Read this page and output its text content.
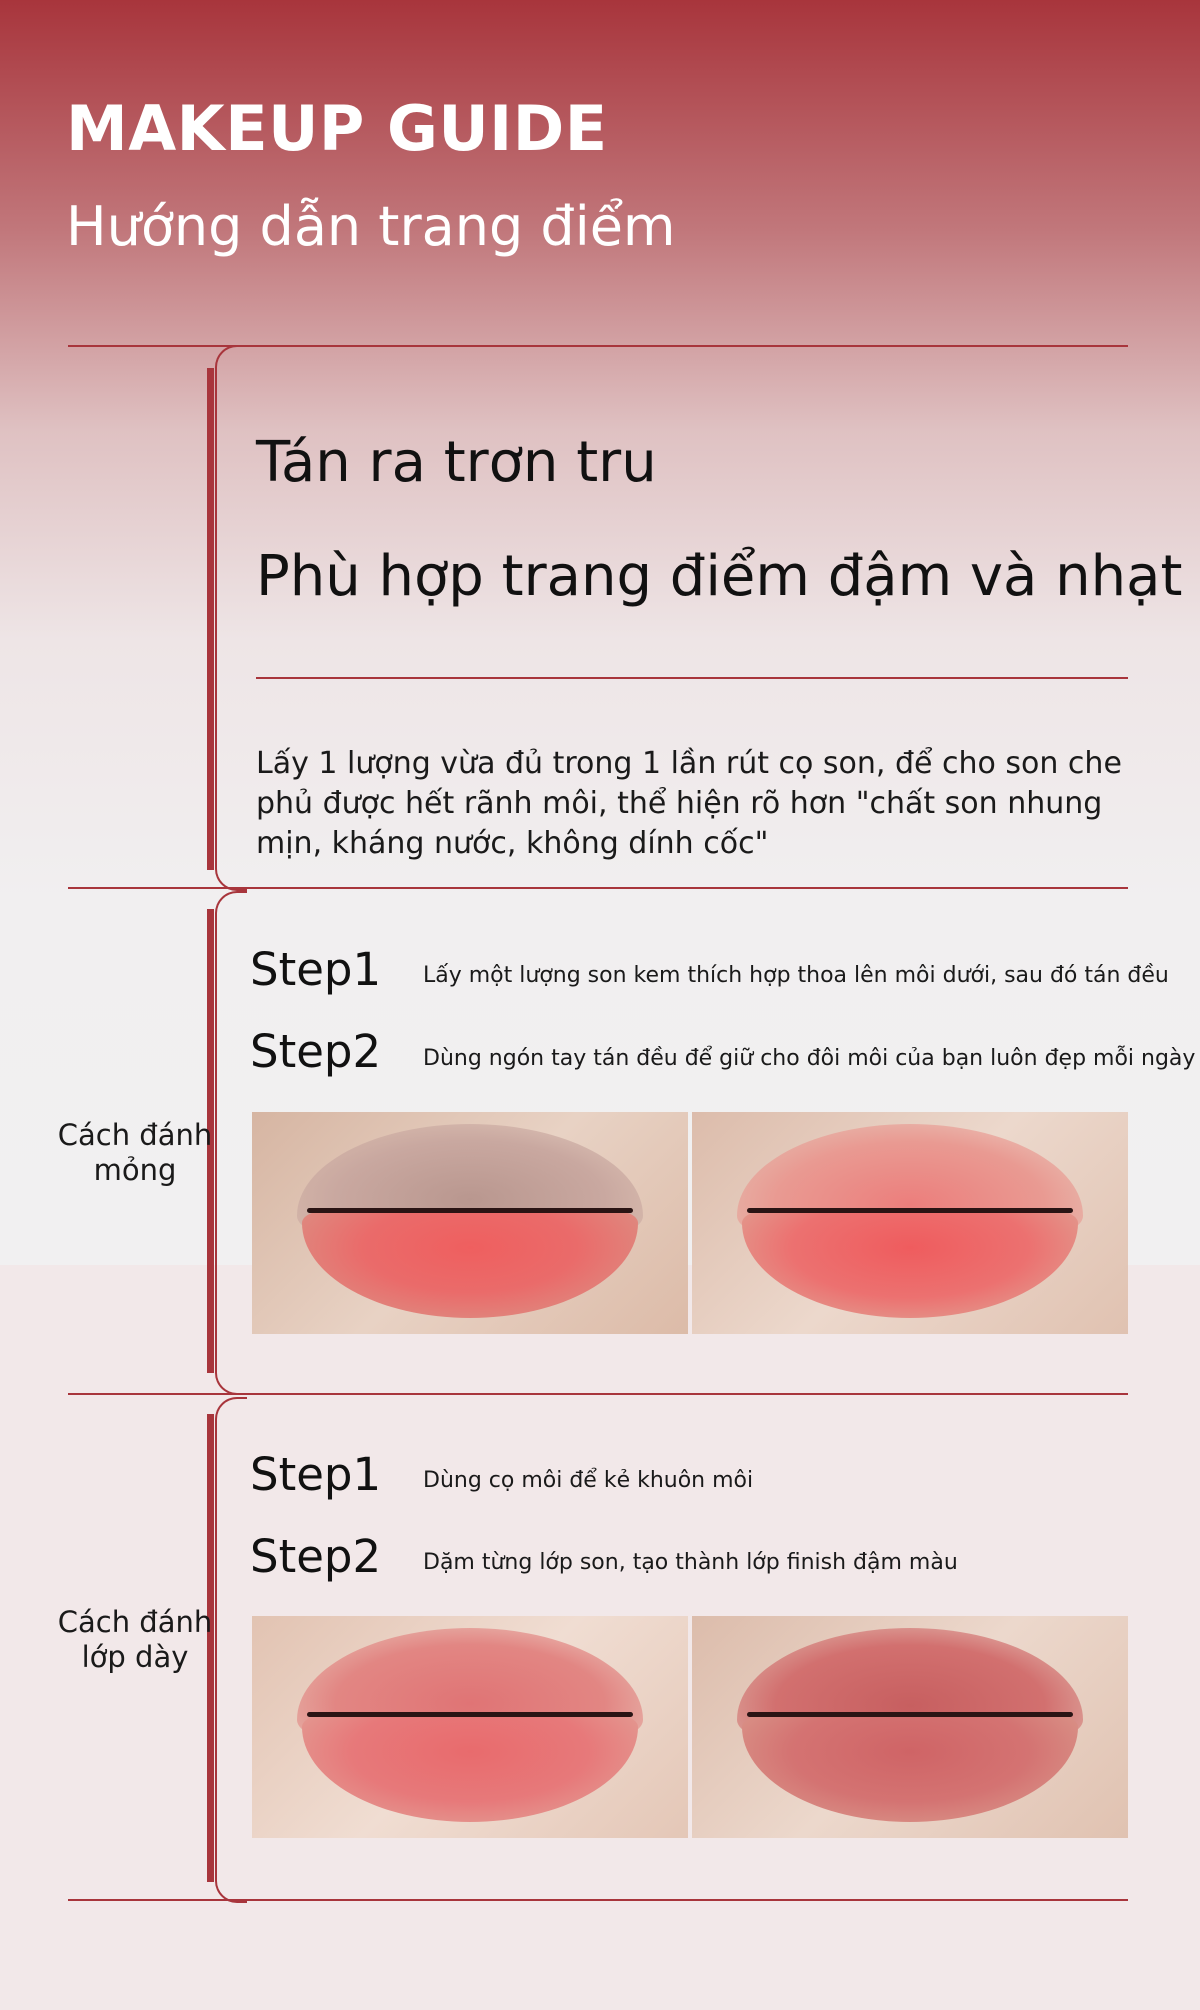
MAKEUP GUIDE
Hướng dẫn trang điểm
Tán ra trơn tru
Phù hợp trang điểm đậm và nhạt

Lấy 1 lượng vừa đủ trong 1 lần rút cọ son, để cho son che phủ được hết rãnh môi, thể hiện rõ hơn "chất son nhung mịn, kháng nước, không dính cốc"

Cách đánh
mỏng
Step1 Lấy một lượng son kem thích hợp thoa lên môi dưới, sau đó tán đều
Step2 Dùng ngón tay tán đều để giữ cho đôi môi của bạn luôn đẹp mỗi ngày
Cách đánh
lớp dày
Step1 Dùng cọ môi để kẻ khuôn môi
Step2 Dặm từng lớp son, tạo thành lớp finish đậm màu
